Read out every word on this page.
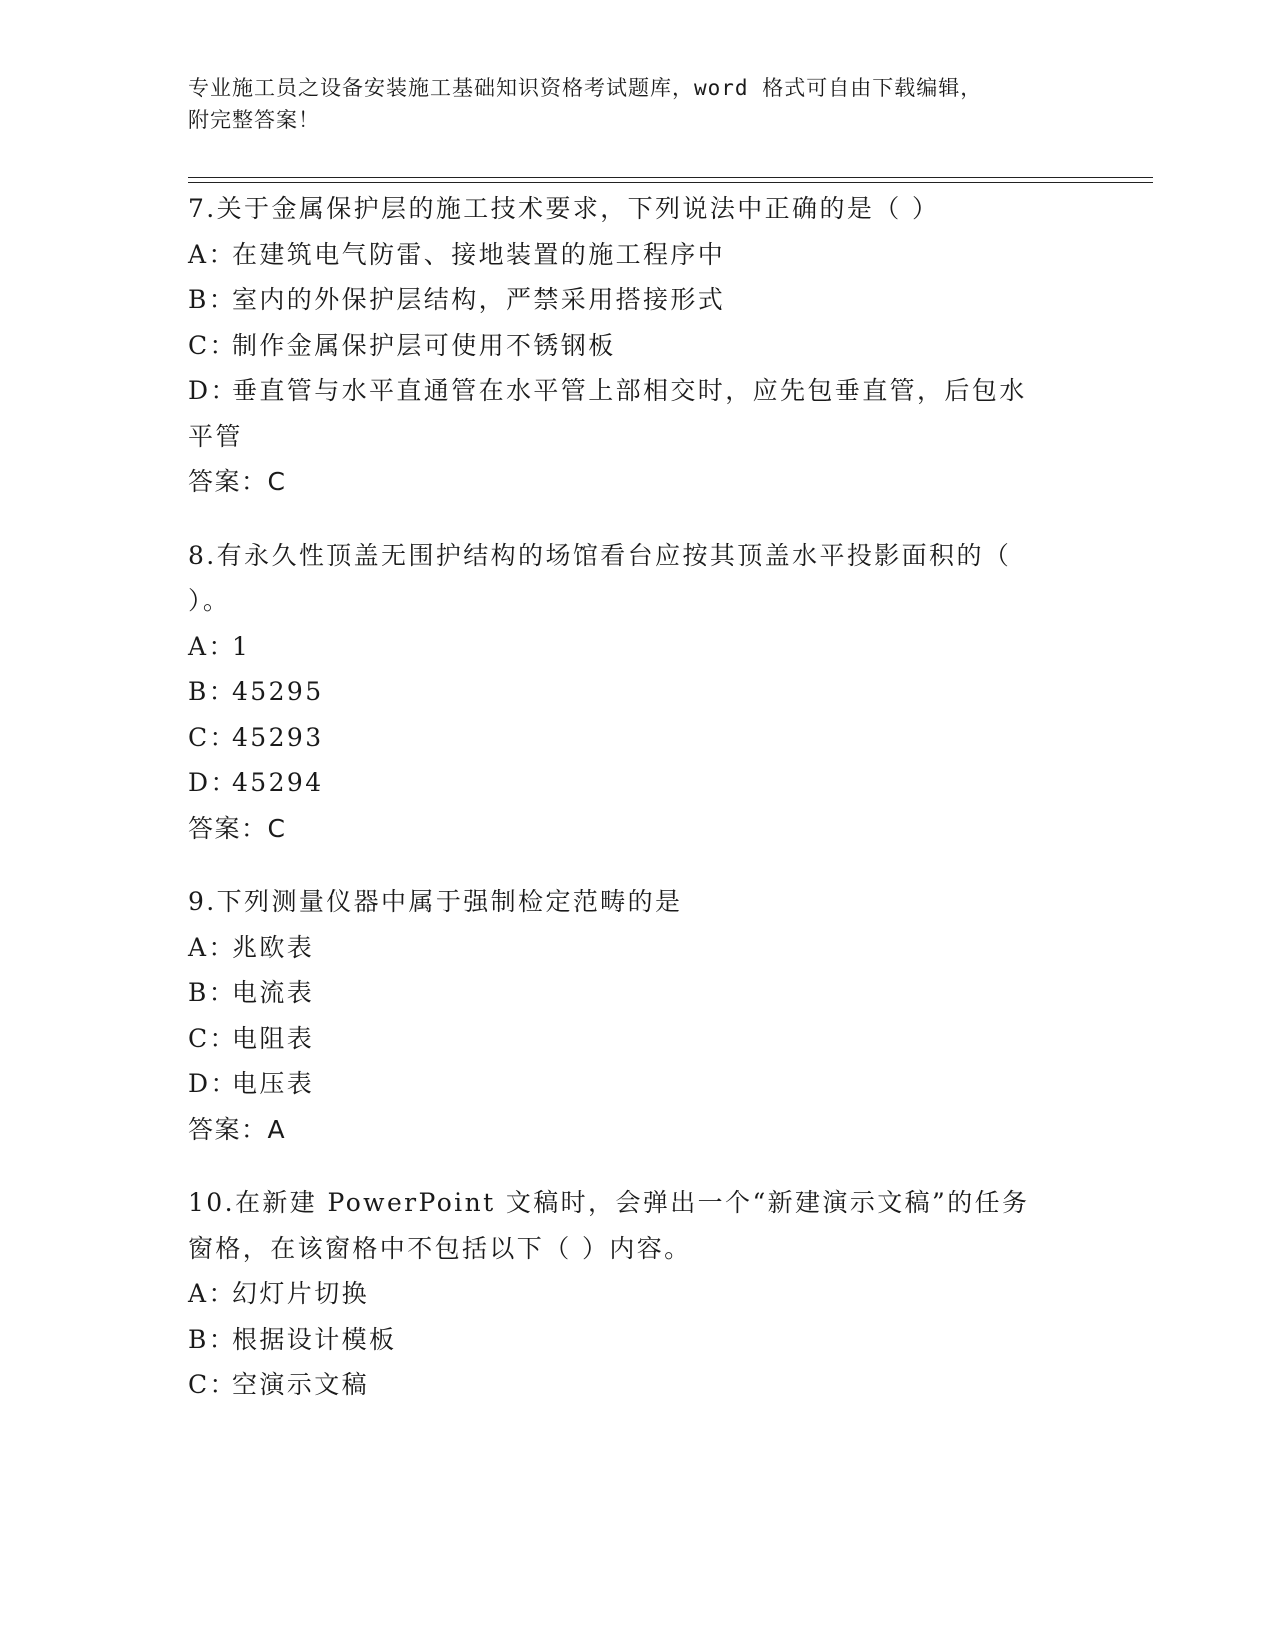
专业施工员之设备安装施工基础知识资格考试题库，word 格式可自由下载编辑，
附完整答案！
7.关于金属保护层的施工技术要求，下列说法中正确的是（ ）
A：在建筑电气防雷、接地装置的施工程序中
B：室内的外保护层结构，严禁采用搭接形式
C：制作金属保护层可使用不锈钢板
D：垂直管与水平直通管在水平管上部相交时，应先包垂直管，后包水
平管
答案：C
8.有永久性顶盖无围护结构的场馆看台应按其顶盖水平投影面积的（
）。
A：1
B：45295
C：45293
D：45294
答案：C
9.下列测量仪器中属于强制检定范畴的是
A：兆欧表
B：电流表
C：电阻表
D：电压表
答案：A
10.在新建 PowerPoint 文稿时，会弹出一个“新建演示文稿”的任务
窗格，在该窗格中不包括以下（ ）内容。
A：幻灯片切换
B：根据设计模板
C：空演示文稿
